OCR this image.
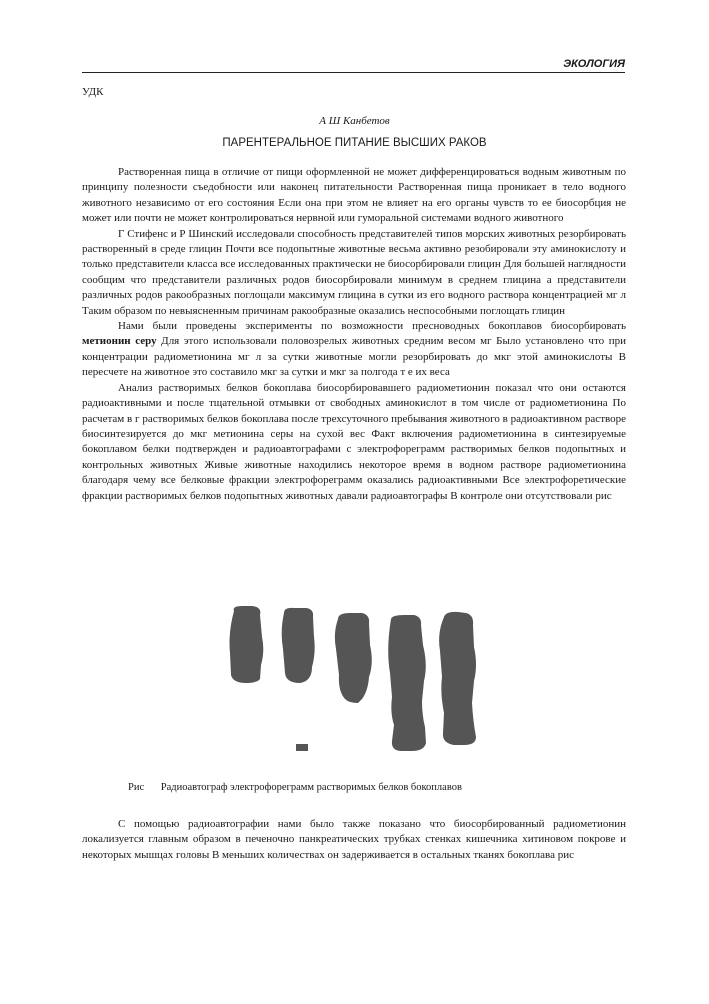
ЭКОЛОГИЯ
УДК
А Ш Канбетов
ПАРЕНТЕРАЛЬНОЕ ПИТАНИЕ ВЫСШИХ РАКОВ

Растворенная пища в отличие от пищи оформленной не может дифференцироваться водным животным по принципу полезности съедобности или наконец питательности Растворенная пища проникает в тело водного животного независимо от его состояния Если она при этом не влияет на его органы чувств то ее биосорбция не может или почти не может контролироваться нервной или гуморальной системами водного животного

Г Стифенс и Р Шинский исследовали способность представителей типов морских животных резорбировать растворенный в среде глицин Почти все подопытные животные весьма активно резобировали эту аминокислоту и только представители класса все исследованных практически не биосорбировали глицин Для большей наглядности сообщим что представители различных родов биосорбировали минимум в среднем глицина а представители различных родов ракообразных поглощали максимум глицина в сутки из его водного раствора концентрацией мг л Таким образом по невыясненным причинам ракообразные оказались неспособными поглощать глицин

Нами были проведены эксперименты по возможности пресноводных бокоплавов биосорбировать метионин серу Для этого использовали половозрелых животных средним весом мг Было установлено что при концентрации радиометионина мг л за сутки животные могли резорбировать до мкг этой аминокислоты В пересчете на животное это составило мкг за сутки и мкг за полгода т е их веса

Анализ растворимых белков бокоплава биосорбировавшего радиометионин показал что они остаются радиоактивными и после тщательной отмывки от свободных аминокислот в том числе от радиометионина По расчетам в г растворимых белков бокоплава после трехсуточного пребывания животного в радиоактивном растворе биосинтезируется до мкг метионина серы на сухой вес Факт включения радиометионина в синтезируемые бокоплавом белки подтвержден и радиоавтографами с электрофореграмм растворимых белков подопытных и контрольных животных Живые животные находились некоторое время в водном растворе радиометионина благодаря чему все белковые фракции электрофореграмм оказались радиоактивными Все электрофоретические фракции растворимых белков подопытных животных давали радиоавтографы В контроле они отсутствовали рис

Рис Радиоавтограф электрофореграмм растворимых белков бокоплавов

С помощью радиоавтографии нами было также показано что биосорбированный радиометионин локализуется главным образом в печеночно панкреатических трубках стенках кишечника хитиновом покрове и некоторых мышцах головы В меньших количествах он задерживается в остальных тканях бокоплава рис
